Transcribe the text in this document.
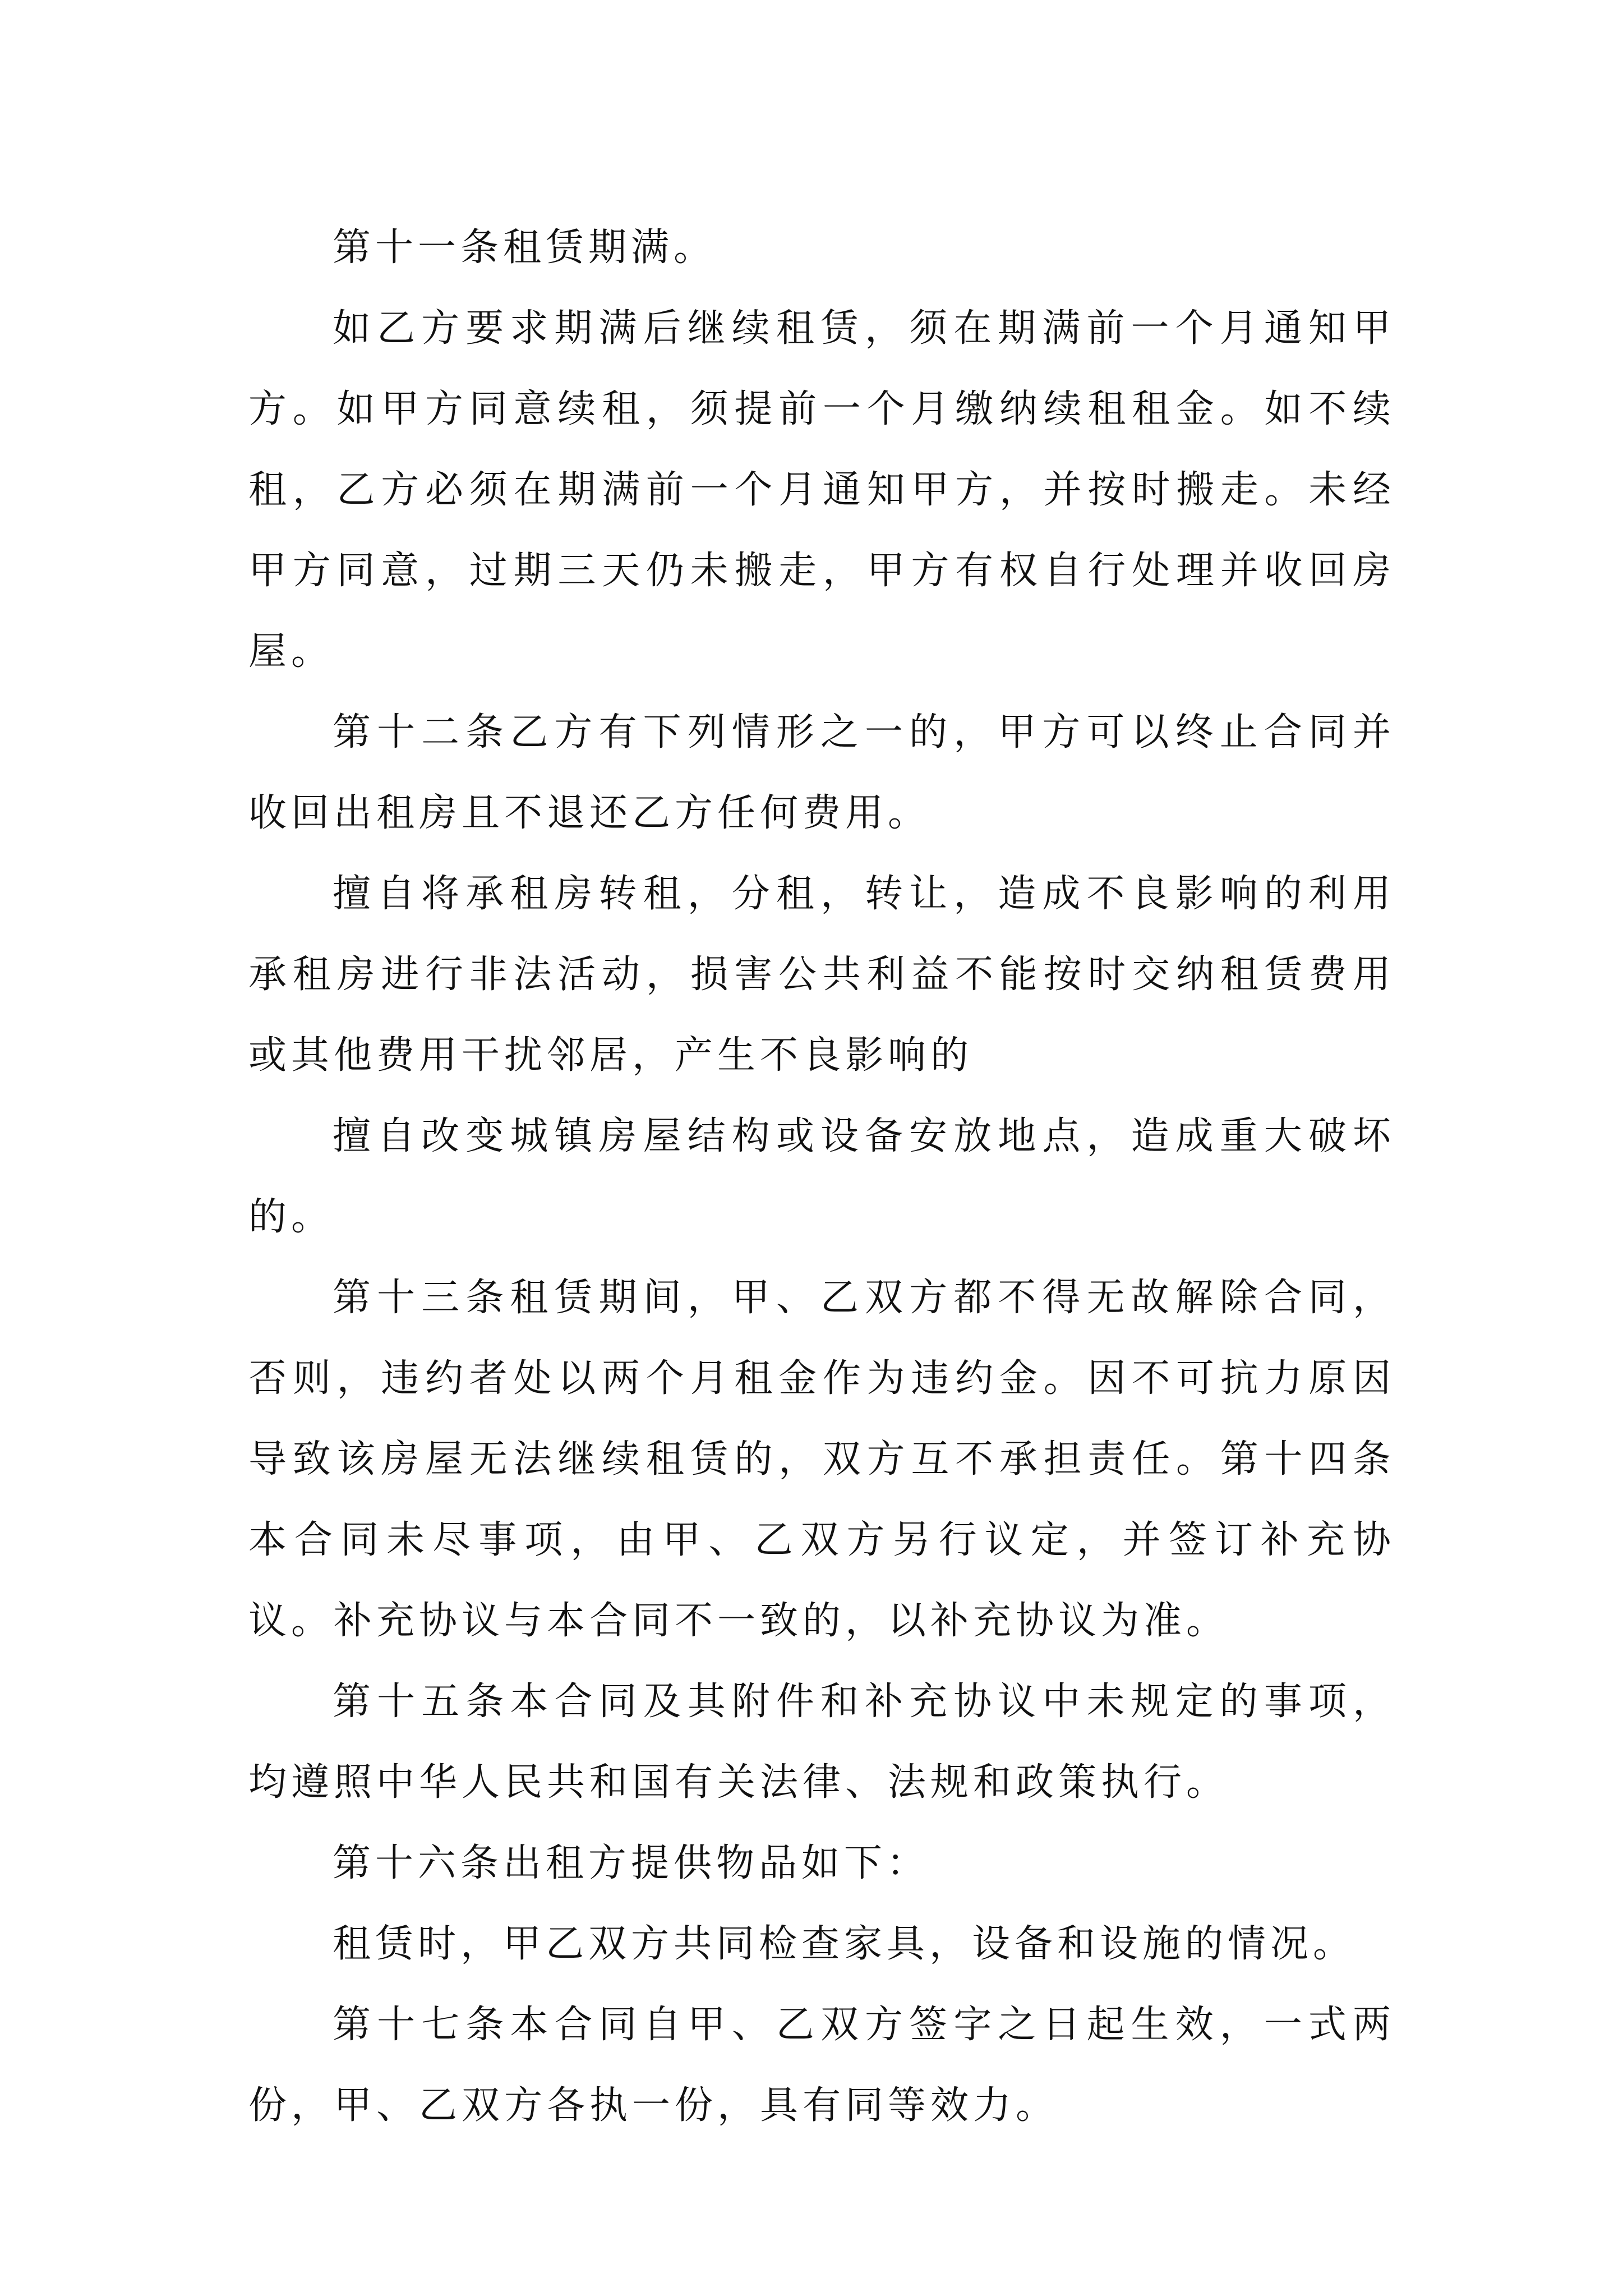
第十一条租赁期满。

如乙方要求期满后继续租赁，须在期满前一个月通知甲方。如甲方同意续租，须提前一个月缴纳续租租金。如不续租，乙方必须在期满前一个月通知甲方，并按时搬走。未经甲方同意，过期三天仍未搬走，甲方有权自行处理并收回房屋。

第十二条乙方有下列情形之一的，甲方可以终止合同并收回出租房且不退还乙方任何费用。

擅自将承租房转租，分租，转让，造成不良影响的利用承租房进行非法活动，损害公共利益不能按时交纳租赁费用或其他费用干扰邻居，产生不良影响的

擅自改变城镇房屋结构或设备安放地点，造成重大破坏的。

第十三条租赁期间，甲、乙双方都不得无故解除合同，否则，违约者处以两个月租金作为违约金。因不可抗力原因导致该房屋无法继续租赁的，双方互不承担责任。第十四条本合同未尽事项，由甲、乙双方另行议定，并签订补充协议。补充协议与本合同不一致的，以补充协议为准。

第十五条本合同及其附件和补充协议中未规定的事项，均遵照中华人民共和国有关法律、法规和政策执行。

第十六条出租方提供物品如下：

租赁时，甲乙双方共同检查家具，设备和设施的情况。

第十七条本合同自甲、乙双方签字之日起生效，一式两份，甲、乙双方各执一份，具有同等效力。
